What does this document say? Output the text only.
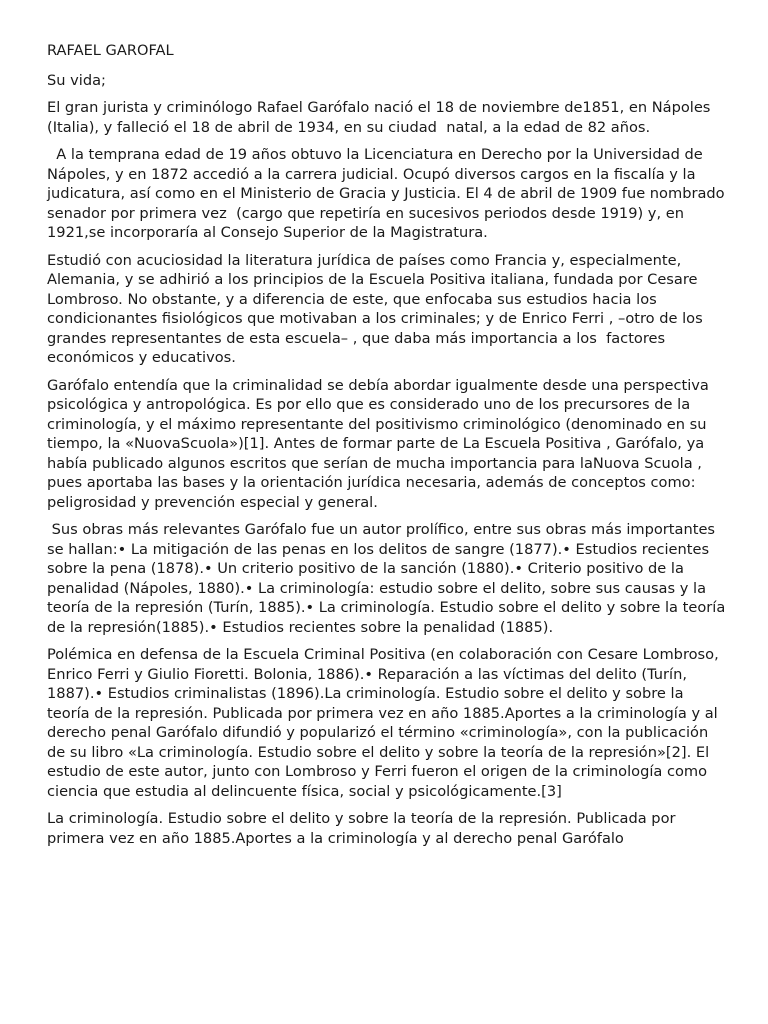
RAFAEL GAROFAL

Su vida;

El gran jurista y criminólogo Rafael Garófalo nació el 18 de noviembre de1851, en Nápoles (Italia), y falleció el 18 de abril de 1934, en su ciudad  natal, a la edad de 82 años.

A la temprana edad de 19 años obtuvo la Licenciatura en Derecho por la Universidad de Nápoles, y en 1872 accedió a la carrera judicial. Ocupó diversos cargos en la fiscalía y la judicatura, así como en el Ministerio de Gracia y Justicia. El 4 de abril de 1909 fue nombrado senador por primera vez  (cargo que repetiría en sucesivos periodos desde 1919) y, en 1921,se incorporaría al Consejo Superior de la Magistratura.

Estudió con acuciosidad la literatura jurídica de países como Francia y, especialmente, Alemania, y se adhirió a los principios de la Escuela Positiva italiana, fundada por Cesare Lombroso. No obstante, y a diferencia de este, que enfocaba sus estudios hacia los condicionantes fisiológicos que motivaban a los criminales; y de Enrico Ferri , –otro de los grandes representantes de esta escuela– , que daba más importancia a los  factores económicos y educativos.

Garófalo entendía que la criminalidad se debía abordar igualmente desde una perspectiva psicológica y antropológica. Es por ello que es considerado uno de los precursores de la criminología, y el máximo representante del positivismo criminológico (denominado en su tiempo, la «NuovaScuola»)[1]. Antes de formar parte de La Escuela Positiva , Garófalo, ya había publicado algunos escritos que serían de mucha importancia para laNuova Scuola , pues aportaba las bases y la orientación jurídica necesaria, además de conceptos como: peligrosidad y prevención especial y general.

Sus obras más relevantes Garófalo fue un autor prolífico, entre sus obras más importantes se hallan:• La mitigación de las penas en los delitos de sangre (1877).• Estudios recientes sobre la pena (1878).• Un criterio positivo de la sanción (1880).• Criterio positivo de la penalidad (Nápoles, 1880).• La criminología: estudio sobre el delito, sobre sus causas y la teoría de la represión (Turín, 1885).• La criminología. Estudio sobre el delito y sobre la teoría de la represión(1885).• Estudios recientes sobre la penalidad (1885).

Polémica en defensa de la Escuela Criminal Positiva (en colaboración con Cesare Lombroso, Enrico Ferri y Giulio Fioretti. Bolonia, 1886).• Reparación a las víctimas del delito (Turín, 1887).• Estudios criminalistas (1896).La criminología. Estudio sobre el delito y sobre la teoría de la represión. Publicada por primera vez en año 1885.Aportes a la criminología y al derecho penal Garófalo difundió y popularizó el término «criminología», con la publicación de su libro «La criminología. Estudio sobre el delito y sobre la teoría de la represión»[2]. El estudio de este autor, junto con Lombroso y Ferri fueron el origen de la criminología como ciencia que estudia al delincuente física, social y psicológicamente.[3]

La criminología. Estudio sobre el delito y sobre la teoría de la represión. Publicada por primera vez en año 1885.Aportes a la criminología y al derecho penal Garófalo
